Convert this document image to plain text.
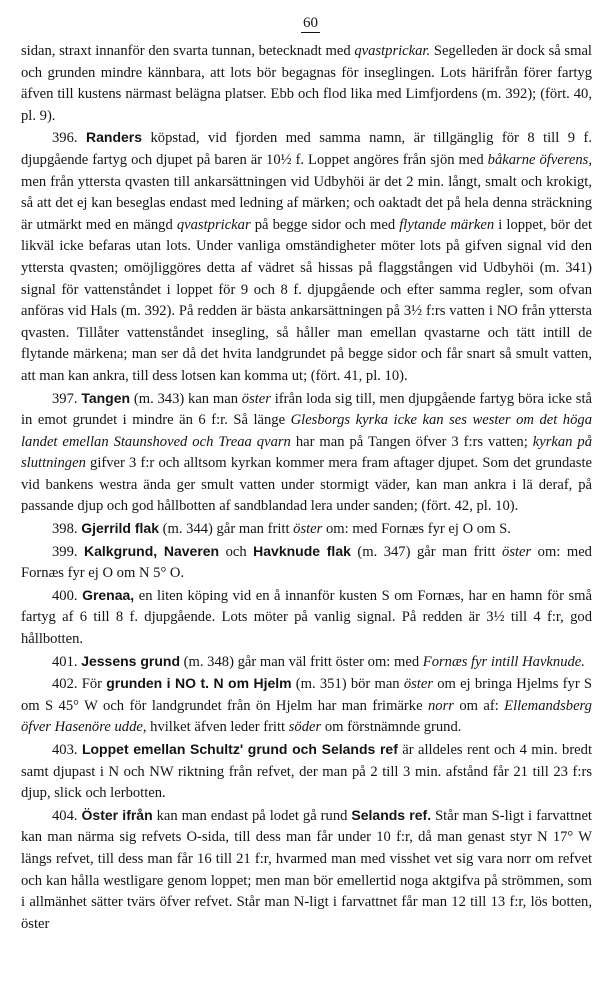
60

sidan, straxt innanför den svarta tunnan, betecknadt med qvastprickar. Segelleden är dock så smal och grunden mindre kännbara, att lots bör begagnas för inseglingen. Lots härifrån förer fartyg äfven till kustens närmast belägna platser. Ebb och flod lika med Limfjordens (m. 392); (fört. 40, pl. 9).

396. Randers köpstad, vid fjorden med samma namn, är tillgänglig för 8 till 9 f. djupgående fartyg och djupet på baren är 10½ f. Loppet angöres från sjön med båkarne öfverens, men från yttersta qvasten till ankarsättningen vid Udbyhöi är det 2 min. långt, smalt och krokigt, så att det ej kan beseglas endast med ledning af märken; och oaktadt det på hela denna sträckning är utmärkt med en mängd qvastprickar på begge sidor och med flytande märken i loppet, bör det likväl icke befaras utan lots. Under vanliga omständigheter möter lots på gifven signal vid den yttersta qvasten; omöjliggöres detta af vädret så hissas på flaggstången vid Udbyhöi (m. 341) signal för vattenståndet i loppet för 9 och 8 f. djupgående och efter samma regler, som ofvan anföras vid Hals (m. 392). På redden är bästa ankarsättningen på 3½ f:rs vatten i NO från yttersta qvasten. Tillåter vattenståndet insegling, så håller man emellan qvastarne och tätt intill de flytande märkena; man ser då det hvita landgrundet på begge sidor och får snart så smult vatten, att man kan ankra, till dess lotsen kan komma ut; (fört. 41, pl. 10).

397. Tangen (m. 343) kan man öster ifrån loda sig till, men djupgående fartyg böra icke stå in emot grundet i mindre än 6 f:r. Så länge Glesborgs kyrka icke kan ses wester om det höga landet emellan Staunshoved och Treaa qvarn har man på Tangen öfver 3 f:rs vatten; kyrkan på sluttningen gifver 3 f:r och alltsom kyrkan kommer mera fram aftager djupet. Som det grundaste vid bankens westra ända ger smult vatten under stormigt väder, kan man ankra i lä deraf, på passande djup och god hållbotten af sandblandad lera under sanden; (fört. 42, pl. 10).

398. Gjerrild flak (m. 344) går man fritt öster om: med Fornæs fyr ej O om S.

399. Kalkgrund, Naveren och Havknude flak (m. 347) går man fritt öster om: med Fornæs fyr ej O om N 5° O.

400. Grenaa, en liten köping vid en å innanför kusten S om Fornæs, har en hamn för små fartyg af 6 till 8 f. djupgående. Lots möter på vanlig signal. På redden är 3½ till 4 f:r, god hållbotten.

401. Jessens grund (m. 348) går man väl fritt öster om: med Fornæs fyr intill Havknude.

402. För grunden i NO t. N om Hjelm (m. 351) bör man öster om ej bringa Hjelms fyr S om S 45° W och för landgrundet från ön Hjelm har man frimärke norr om af: Ellemandsberg öfver Hasenöre udde, hvilket äfven leder fritt söder om förstnämnde grund.

403. Loppet emellan Schultz' grund och Selands ref är alldeles rent och 4 min. bredt samt djupast i N och NW riktning från refvet, der man på 2 till 3 min. afstånd får 21 till 23 f:rs djup, slick och lerbotten.

404. Öster ifrån kan man endast på lodet gå rund Selands ref. Står man S-ligt i farvattnet kan man närma sig refvets O-sida, till dess man får under 10 f:r, då man genast styr N 17° W längs refvet, till dess man får 16 till 21 f:r, hvarmed man med visshet vet sig vara norr om refvet och kan hålla westligare genom loppet; men man bör emellertid noga aktgifva på strömmen, som i allmänhet sätter tvärs öfver refvet. Står man N-ligt i farvattnet får man 12 till 13 f:r, lös botten, öster
